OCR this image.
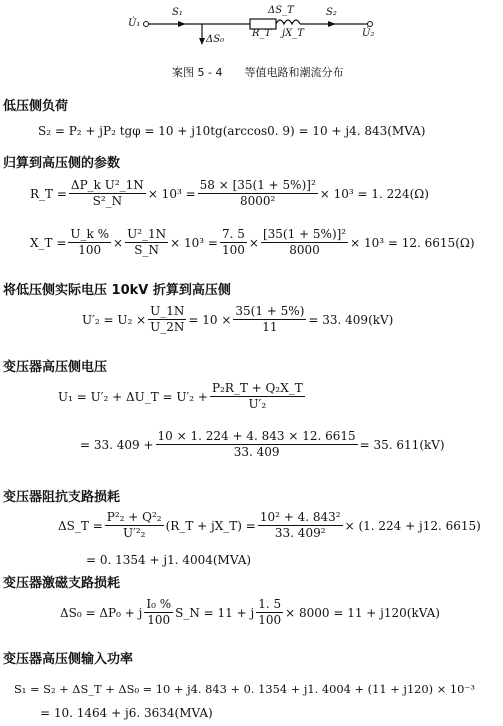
U̇₁
S₁
ΔS₀
ΔS_T
R_T jX_T
S₂
U̇₂
案图 5 - 4　　等值电路和潮流分布
低压侧负荷
S₂ = P₂ + jP₂ tgφ = 10 + j10tg(arccos0. 9) = 10 + j4. 843(MVA)
归算到高压侧的参数
R_T = $\frac{\text{ΔP\_k U²\_1N}}{\text{S²\_N}} \times 10^3 = \frac{\text{58 × [35(1 + 5\%)]²}}{\text{8000²}} \times 10^3 = 1$. 224(Ω)
X_T = $\frac{U\_k \%}{100} \times \frac{\text{U²\_1N}}{S\_N} \times 10^3 = \frac{7. 5}{100} \times \frac{\text{[35(1 + 5\%)]²}}{8000} \times 10^3 = 12$. 6615(Ω)
将低压侧实际电压 10kV 折算到高压侧
$U'_2 = U_2 \times \frac{U\_1N}{U\_2N} = 10 \times \frac{35(1 + 5\%)}{11} = 33$. 409(kV)
变压器高压侧电压
U₁ = U′₂ + ΔU_T = $U'_2 + \frac{\text{P₂R\_T + Q₂X\_T}}{\text{U′₂}}$
= 33. $409 + \frac{10 \times 1. 224 + 4. 843 \times 12. 6615}{33. 409} = 35$. 611(kV)
变压器阻抗支路损耗
ΔS_T = $\frac{\text{P²₂ + Q²₂}}{\text{U′²₂}}$ (R_T + jX_T) = $\frac{\text{10² + 4. 843²}}{\text{33. 409²}} \times (1$. 224 + j12. 6615)
= 0. 1354 + j1. 4004(MVA)
变压器激磁支路损耗
ΔS₀ = ΔP₀ + j $\frac{\text{I₀ \%}}{100}$ S_N = 11 + j $\frac{1. 5}{100} \times 8000 = 11 + j120(kVA)$
变压器高压侧输入功率
S₁ = S₂ + ΔS_T + ΔS₀ = 10 + j4. 843 + 0. 1354 + j1. 4004 + (11 + j120) × 10⁻³
= 10. 1464 + j6. 3634(MVA)
